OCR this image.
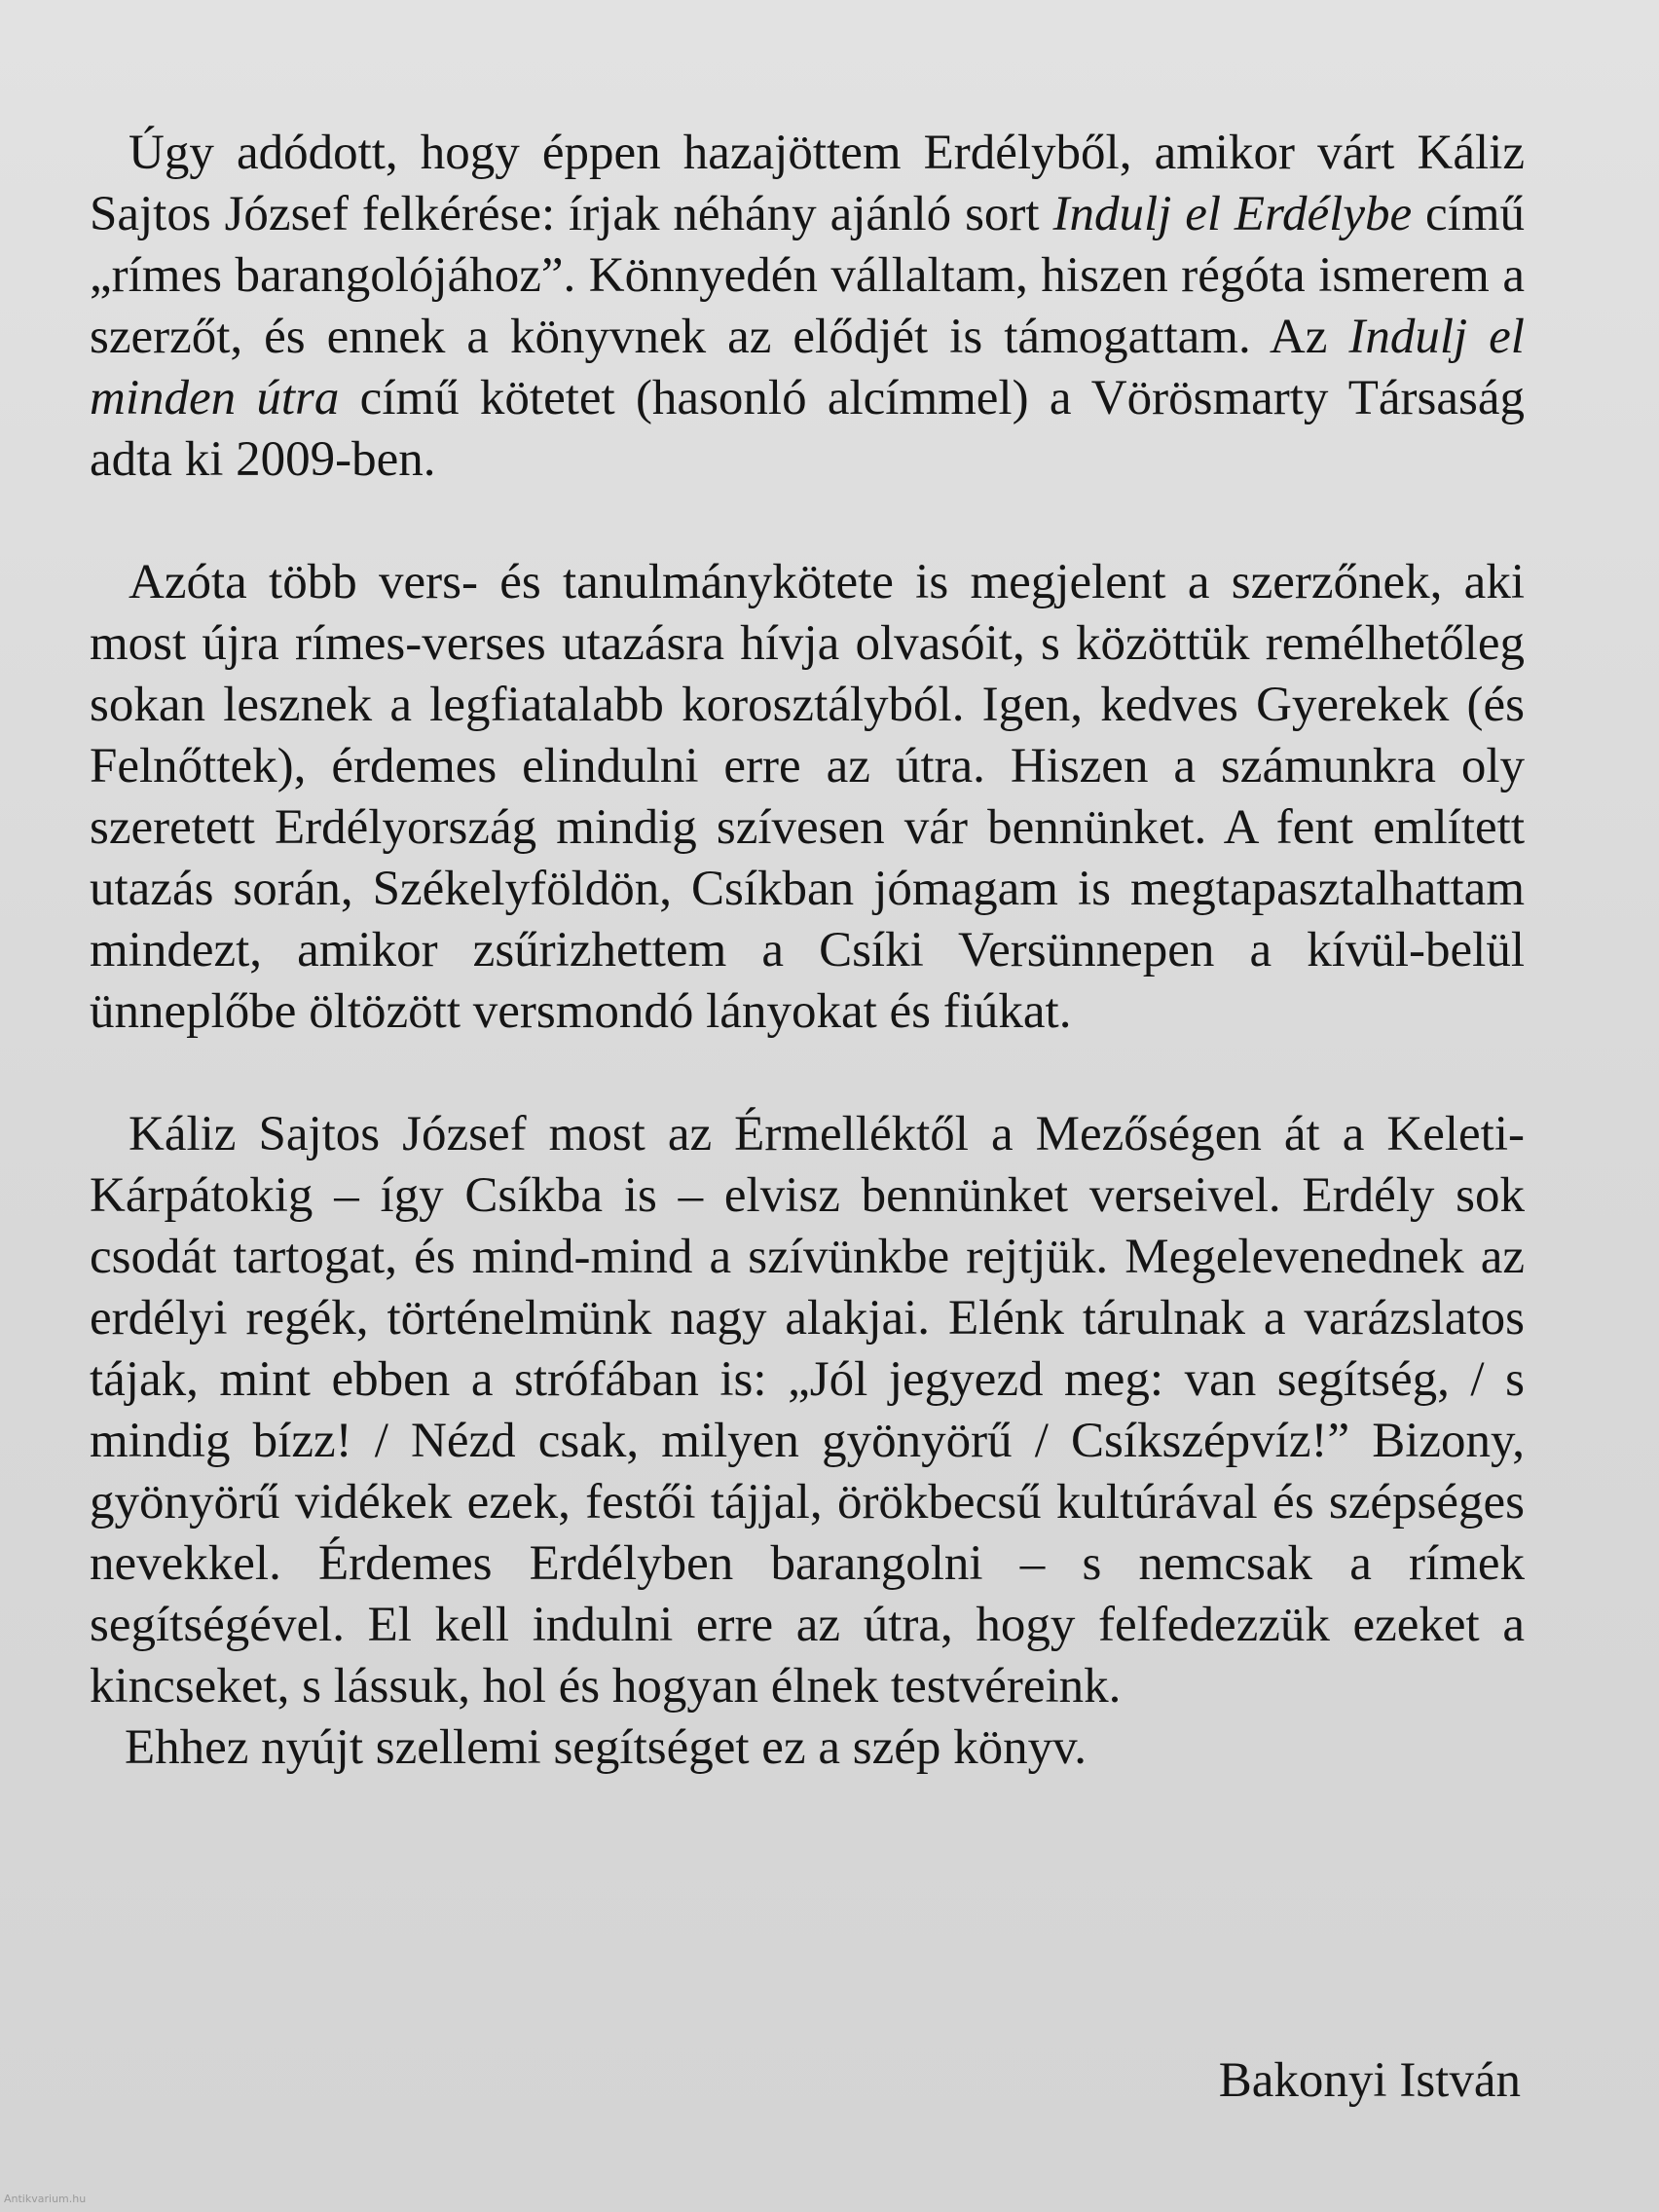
Úgy adódott, hogy éppen hazajöttem Erdélyből, amikor várt Káliz Sajtos József felkérése: írjak néhány ajánló sort Indulj el Erdélybe című „rímes barangolójához”. Könnyedén vállaltam, hiszen régóta ismerem a szerzőt, és ennek a könyvnek az elődjét is támogattam. Az Indulj el minden útra című kötetet (hasonló alcímmel) a Vörösmarty Társaság adta ki 2009-ben.

Azóta több vers- és tanulmánykötete is megjelent a szerzőnek, aki most újra rímes-verses utazásra hívja olvasóit, s közöttük remélhetőleg sokan lesznek a legfiatalabb korosztályból. Igen, kedves Gyerekek (és Felnőttek), érdemes elindulni erre az útra. Hiszen a számunkra oly szeretett Erdélyország mindig szívesen vár bennünket. A fent említett utazás során, Székelyföldön, Csíkban jómagam is megtapasztalhattam mindezt, amikor zsűrizhettem a Csíki Versünnepen a kívül-belül ünneplőbe öltözött versmondó lányokat és fiúkat.

Káliz Sajtos József most az Érmelléktől a Mezőségen át a Keleti-Kárpátokig – így Csíkba is – elvisz bennünket verseivel. Erdély sok csodát tartogat, és mind-mind a szívünkbe rejtjük. Megelevenednek az erdélyi regék, történelmünk nagy alakjai. Elénk tárulnak a varázslatos tájak, mint ebben a strófában is: „Jól jegyezd meg: van segítség, / s mindig bízz! / Nézd csak, milyen gyönyörű / Csíkszépvíz!” Bizony, gyönyörű vidékek ezek, festői tájjal, örökbecsű kultúrával és szépséges nevekkel. Érdemes Erdélyben barangolni – s nemcsak a rímek segítségével. El kell indulni erre az útra, hogy felfedezzük ezeket a kincseket, s lássuk, hol és hogyan élnek testvéreink.

Ehhez nyújt szellemi segítséget ez a szép könyv.

Bakonyi István
Antikvarium.hu
